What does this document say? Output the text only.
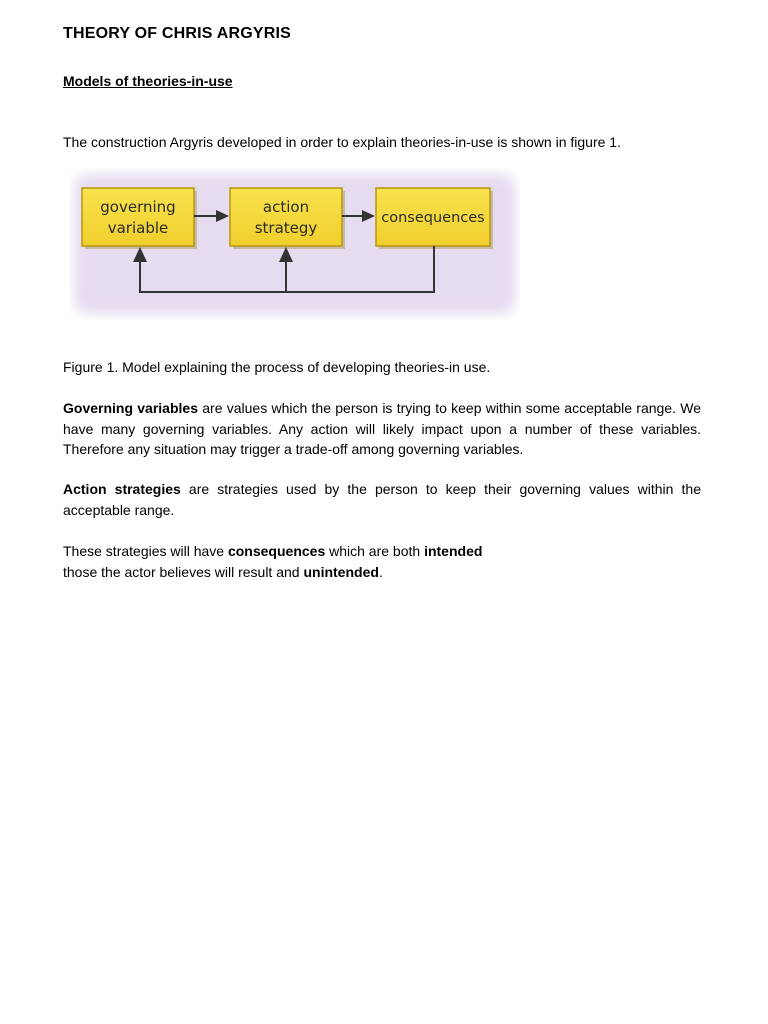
THEORY OF CHRIS ARGYRIS
Models of theories-in-use

The construction Argyris developed in order to explain theories-in-use is shown in figure 1.

governing
variable
action
strategy
consequences

Figure 1. Model explaining the process of developing theories-in use.

Governing variables are values which the person is trying to keep within some acceptable range. We have many governing variables. Any action will likely impact upon a number of these variables. Therefore any situation may trigger a trade-off among governing variables.

Action strategies are strategies used by the person to keep their governing values within the acceptable range.

These strategies will have consequences which are both intended
those the actor believes will result and unintended.
